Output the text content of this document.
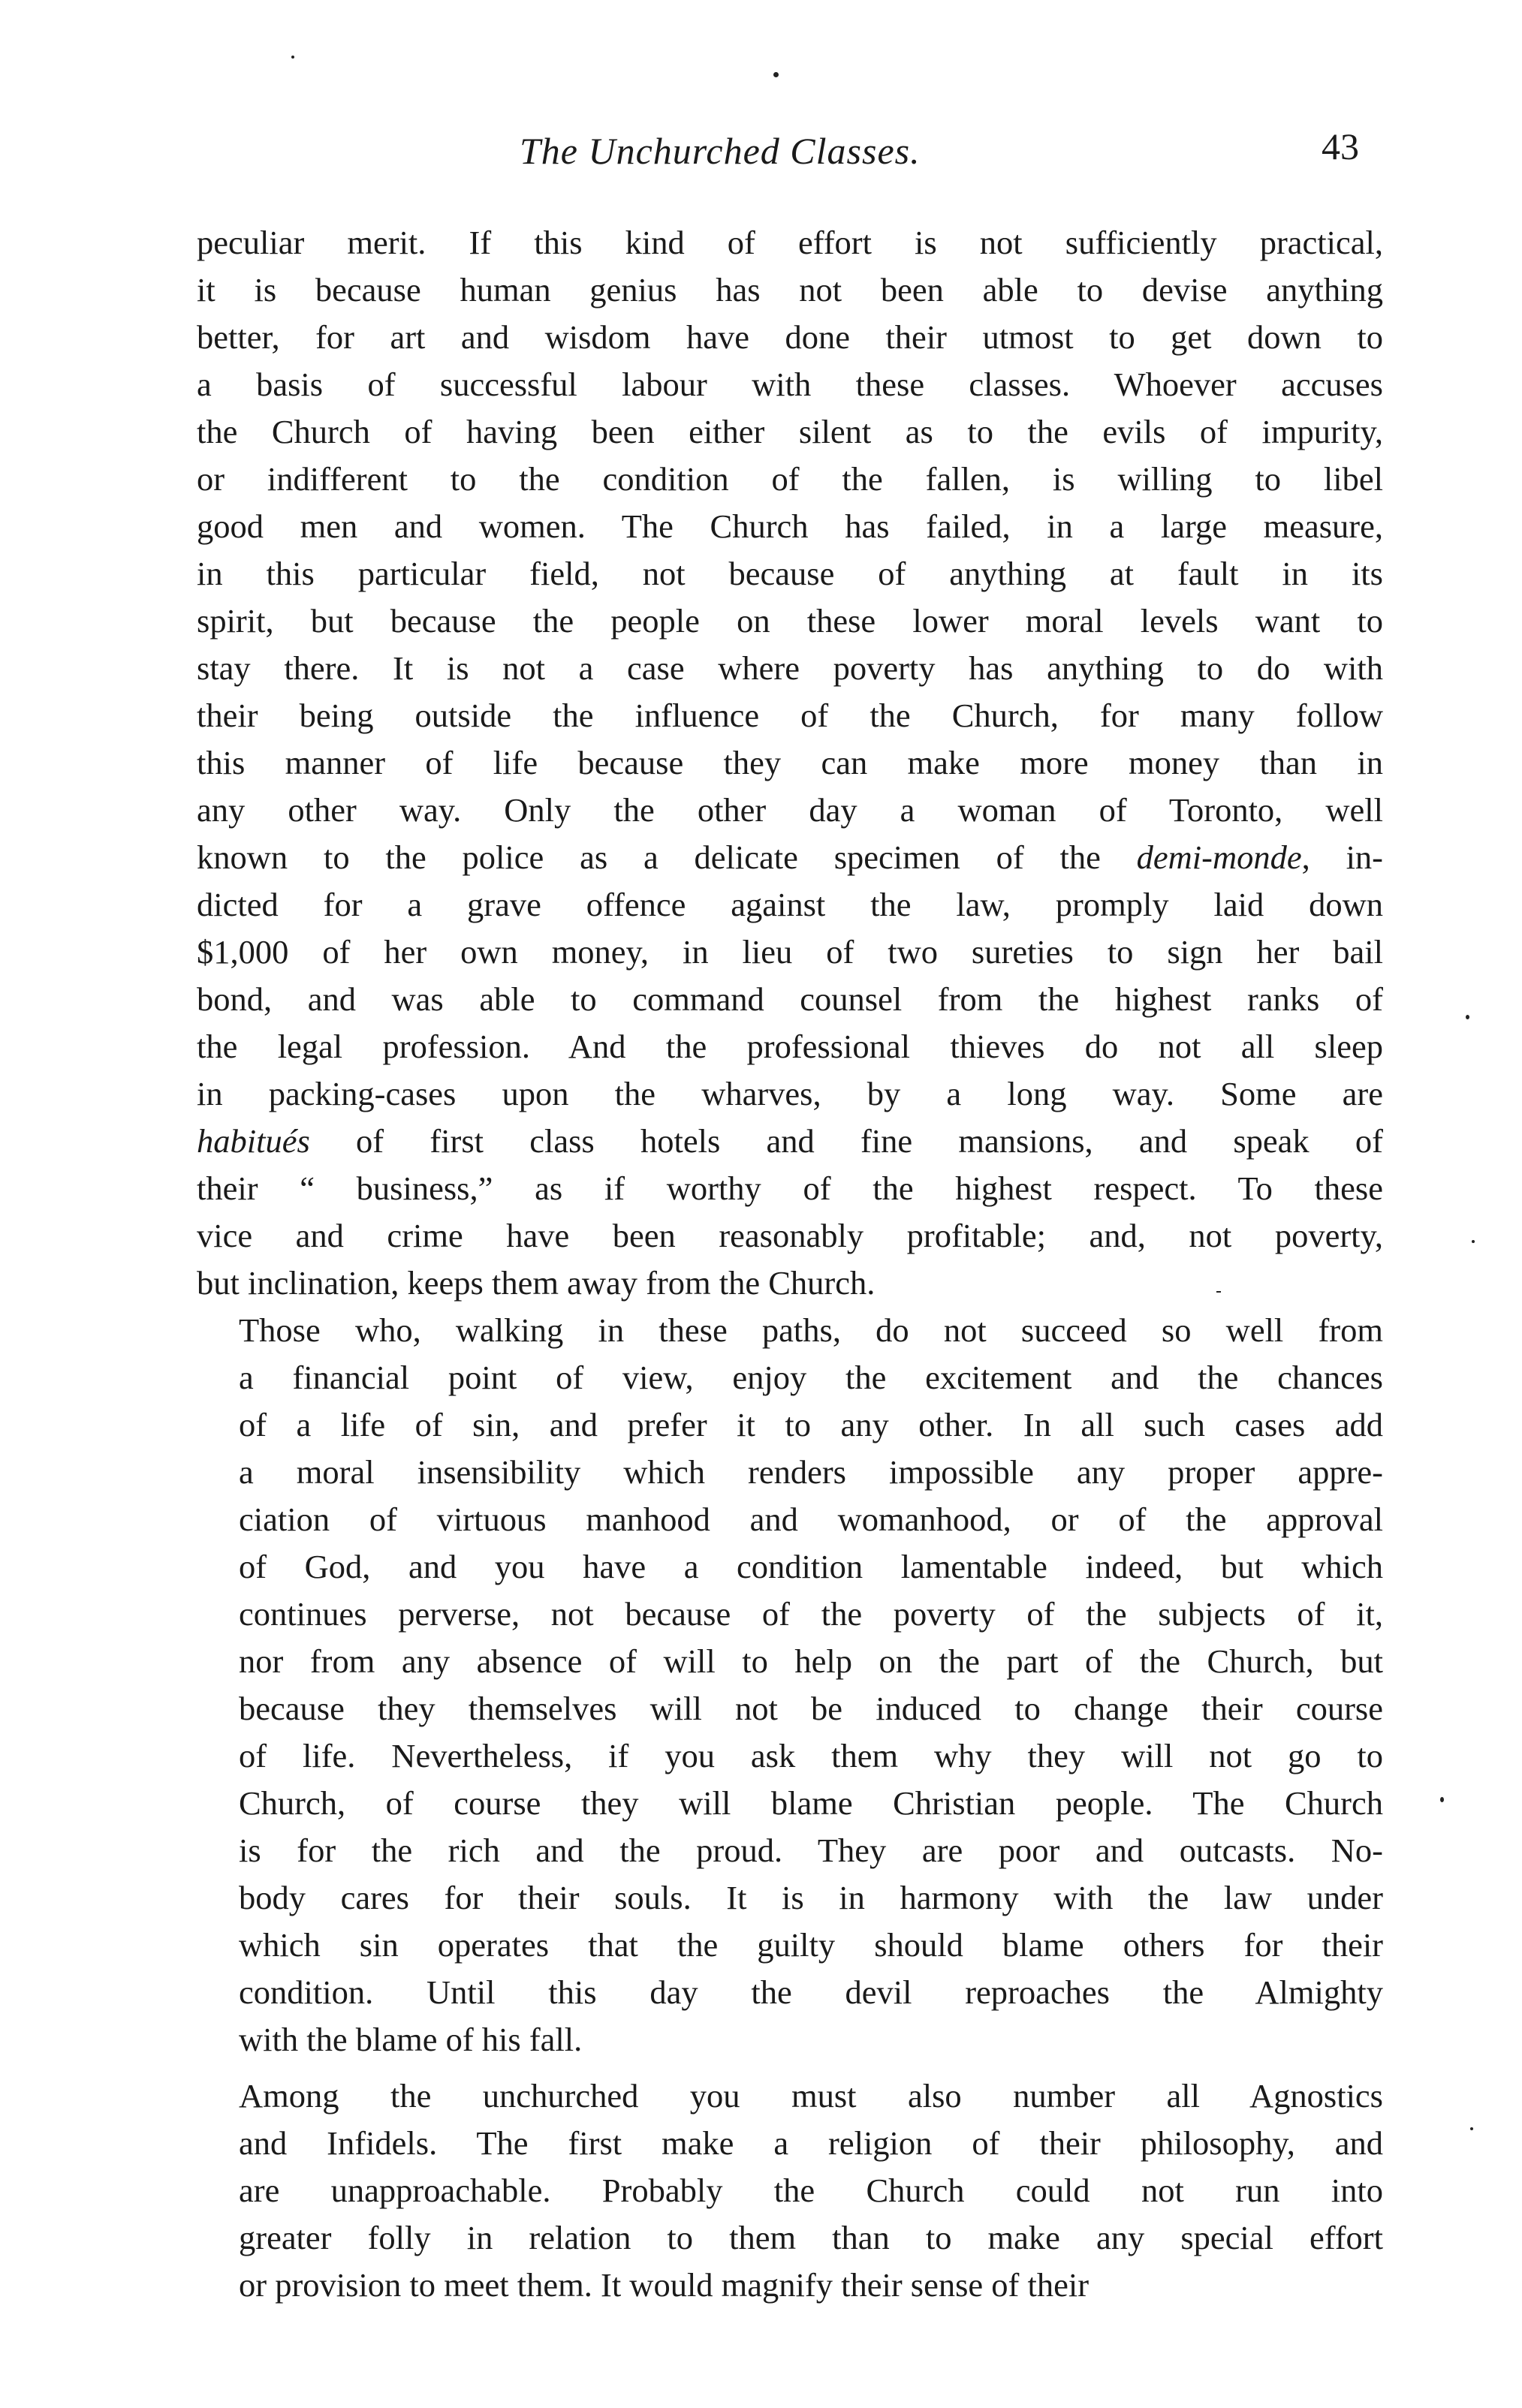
The Unchurched Classes.	43

peculiar merit. If this kind of effort is not sufficiently practical,
it is because human genius has not been able to devise anything
better, for art and wisdom have done their utmost to get down to
a basis of successful labour with these classes. Whoever accuses
the Church of having been either silent as to the evils of impurity,
or indifferent to the condition of the fallen, is willing to libel
good men and women. The Church has failed, in a large measure,
in this particular field, not because of anything at fault in its
spirit, but because the people on these lower moral levels want to
stay there. It is not a case where poverty has anything to do with
their being outside the influence of the Church, for many follow
this manner of life because they can make more money than in
any other way. Only the other day a woman of Toronto, well
known to the police as a delicate specimen of the demi-monde, in-
dicted for a grave offence against the law, promply laid down
$1,000 of her own money, in lieu of two sureties to sign her bail
bond, and was able to command counsel from the highest ranks of
the legal profession. And the professional thieves do not all sleep
in packing-cases upon the wharves, by a long way. Some are
habitués of first class hotels and fine mansions, and speak of
their “ business,” as if worthy of the highest respect. To these
vice and crime have been reasonably profitable; and, not poverty,
but inclination, keeps them away from the Church.

Those who, walking in these paths, do not succeed so well from
a financial point of view, enjoy the excitement and the chances
of a life of sin, and prefer it to any other. In all such cases add
a moral insensibility which renders impossible any proper appre-
ciation of virtuous manhood and womanhood, or of the approval
of God, and you have a condition lamentable indeed, but which
continues perverse, not because of the poverty of the subjects of it,
nor from any absence of will to help on the part of the Church, but
because they themselves will not be induced to change their course
of life. Nevertheless, if you ask them why they will not go to
Church, of course they will blame Christian people. The Church
is for the rich and the proud. They are poor and outcasts. No-
body cares for their souls. It is in harmony with the law under
which sin operates that the guilty should blame others for their
condition. Until this day the devil reproaches the Almighty
with the blame of his fall.

Among the unchurched you must also number all Agnostics
and Infidels. The first make a religion of their philosophy, and
are unapproachable. Probably the Church could not run into
greater folly in relation to them than to make any special effort
or provision to meet them. It would magnify their sense of their
